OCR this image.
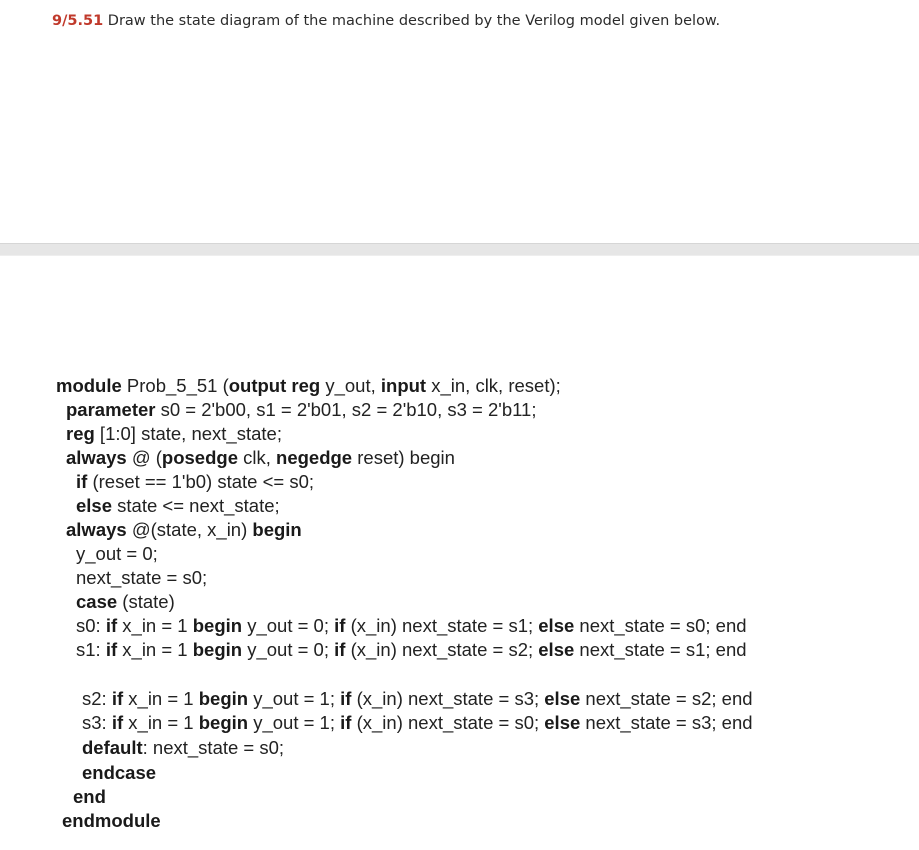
9/5.51 Draw the state diagram of the machine described by the Verilog model given below.
module Prob_5_51 (output reg y_out, input x_in, clk, reset);
parameter s0 = 2'b00, s1 = 2'b01, s2 = 2'b10, s3 = 2'b11;
reg [1:0] state, next_state;
always @ (posedge clk, negedge reset) begin
if (reset == 1'b0) state <= s0;
else state <= next_state;
always @(state, x_in) begin
y_out = 0;
next_state = s0;
case (state)
s0: if x_in = 1 begin y_out = 0; if (x_in) next_state = s1; else next_state = s0; end
s1: if x_in = 1 begin y_out = 0; if (x_in) next_state = s2; else next_state = s1; end
s2: if x_in = 1 begin y_out = 1; if (x_in) next_state = s3; else next_state = s2; end
s3: if x_in = 1 begin y_out = 1; if (x_in) next_state = s0; else next_state = s3; end
default: next_state = s0;
endcase
end
endmodule
